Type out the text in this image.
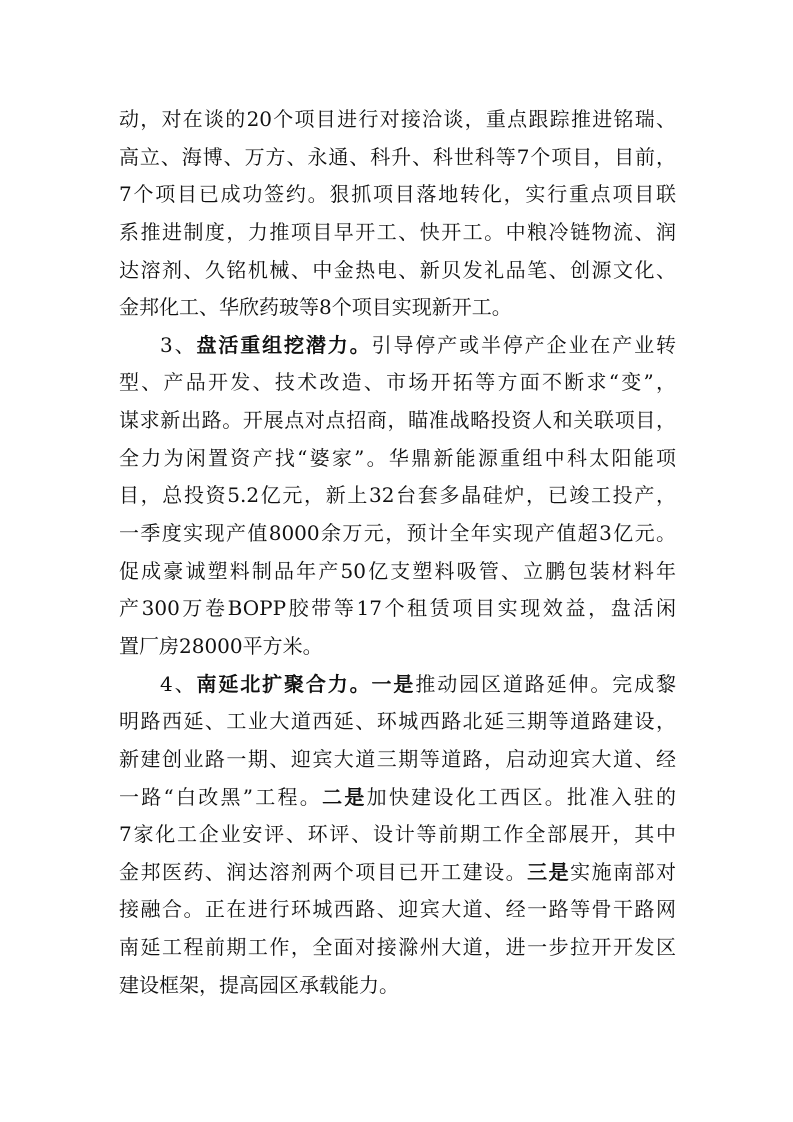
动，对在谈的20个项目进行对接洽谈，重点跟踪推进铭瑞、
高立、海博、万方、永通、科升、科世科等7个项目，目前，
7个项目已成功签约。狠抓项目落地转化，实行重点项目联
系推进制度，力推项目早开工、快开工。中粮冷链物流、润
达溶剂、久铭机械、中金热电、新贝发礼品笔、创源文化、
金邦化工、华欣药玻等8个项目实现新开工。
3、盘活重组挖潜力。引导停产或半停产企业在产业转
型、产品开发、技术改造、市场开拓等方面不断求“变”，
谋求新出路。开展点对点招商，瞄准战略投资人和关联项目，
全力为闲置资产找“婆家”。华鼎新能源重组中科太阳能项
目，总投资5.2亿元，新上32台套多晶硅炉，已竣工投产，
一季度实现产值8000余万元，预计全年实现产值超3亿元。
促成豪诚塑料制品年产50亿支塑料吸管、立鹏包装材料年
产300万卷BOPP胶带等17个租赁项目实现效益，盘活闲
置厂房28000平方米。
4、南延北扩聚合力。一是推动园区道路延伸。完成黎
明路西延、工业大道西延、环城西路北延三期等道路建设，
新建创业路一期、迎宾大道三期等道路，启动迎宾大道、经
一路“白改黑”工程。二是加快建设化工西区。批准入驻的
7家化工企业安评、环评、设计等前期工作全部展开，其中
金邦医药、润达溶剂两个项目已开工建设。三是实施南部对
接融合。正在进行环城西路、迎宾大道、经一路等骨干路网
南延工程前期工作，全面对接滁州大道，进一步拉开开发区
建设框架，提高园区承载能力。
